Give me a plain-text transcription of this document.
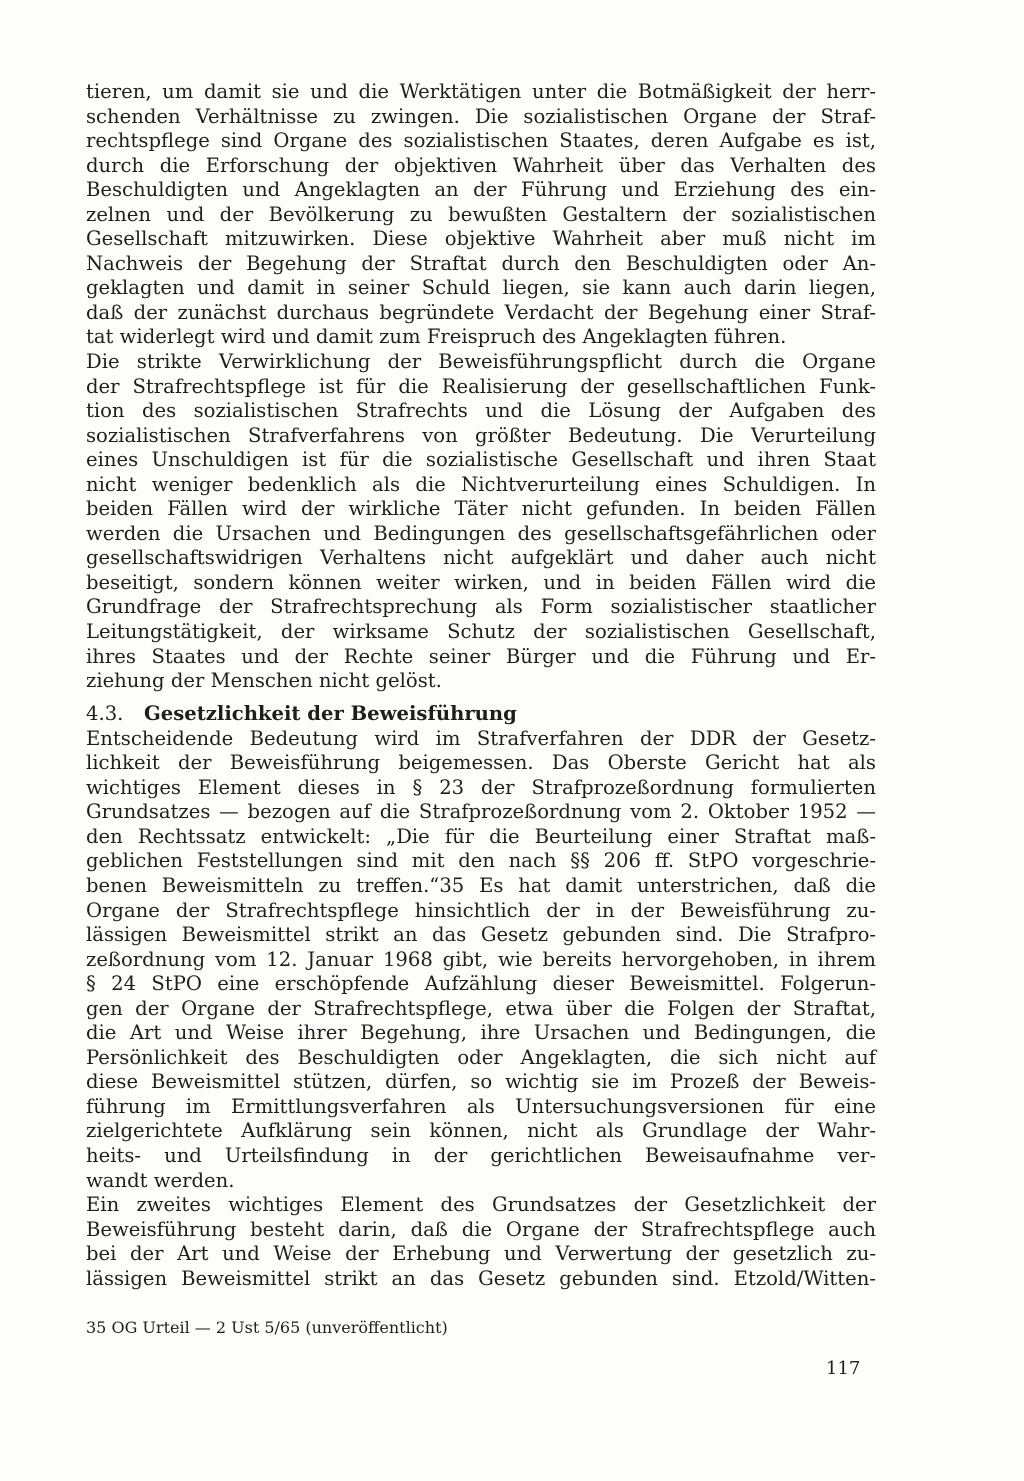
tieren, um damit sie und die Werktätigen unter die Botmäßigkeit der herr-
schenden Verhältnisse zu zwingen. Die sozialistischen Organe der Straf-
rechtspflege sind Organe des sozialistischen Staates, deren Aufgabe es ist,
durch die Erforschung der objektiven Wahrheit über das Verhalten des
Beschuldigten und Angeklagten an der Führung und Erziehung des ein-
zelnen und der Bevölkerung zu bewußten Gestaltern der sozialistischen
Gesellschaft mitzuwirken. Diese objektive Wahrheit aber muß nicht im
Nachweis der Begehung der Straftat durch den Beschuldigten oder An-
geklagten und damit in seiner Schuld liegen, sie kann auch darin liegen,
daß der zunächst durchaus begründete Verdacht der Begehung einer Straf-
tat widerlegt wird und damit zum Freispruch des Angeklagten führen.
Die strikte Verwirklichung der Beweisführungspflicht durch die Organe
der Strafrechtspflege ist für die Realisierung der gesellschaftlichen Funk-
tion des sozialistischen Strafrechts und die Lösung der Aufgaben des
sozialistischen Strafverfahrens von größter Bedeutung. Die Verurteilung
eines Unschuldigen ist für die sozialistische Gesellschaft und ihren Staat
nicht weniger bedenklich als die Nichtverurteilung eines Schuldigen. In
beiden Fällen wird der wirkliche Täter nicht gefunden. In beiden Fällen
werden die Ursachen und Bedingungen des gesellschaftsgefährlichen oder
gesellschaftswidrigen Verhaltens nicht aufgeklärt und daher auch nicht
beseitigt, sondern können weiter wirken, und in beiden Fällen wird die
Grundfrage der Strafrechtsprechung als Form sozialistischer staatlicher
Leitungstätigkeit, der wirksame Schutz der sozialistischen Gesellschaft,
ihres Staates und der Rechte seiner Bürger und die Führung und Er-
ziehung der Menschen nicht gelöst.
4.3. Gesetzlichkeit der Beweisführung
Entscheidende Bedeutung wird im Strafverfahren der DDR der Gesetz-
lichkeit der Beweisführung beigemessen. Das Oberste Gericht hat als
wichtiges Element dieses in § 23 der Strafprozeßordnung formulierten
Grundsatzes — bezogen auf die Strafprozeßordnung vom 2. Oktober 1952 —
den Rechtssatz entwickelt: „Die für die Beurteilung einer Straftat maß-
geblichen Feststellungen sind mit den nach §§ 206 ff. StPO vorgeschrie-
benen Beweismitteln zu treffen.“35 Es hat damit unterstrichen, daß die
Organe der Strafrechtspflege hinsichtlich der in der Beweisführung zu-
lässigen Beweismittel strikt an das Gesetz gebunden sind. Die Strafpro-
zeßordnung vom 12. Januar 1968 gibt, wie bereits hervorgehoben, in ihrem
§ 24 StPO eine erschöpfende Aufzählung dieser Beweismittel. Folgerun-
gen der Organe der Strafrechtspflege, etwa über die Folgen der Straftat,
die Art und Weise ihrer Begehung, ihre Ursachen und Bedingungen, die
Persönlichkeit des Beschuldigten oder Angeklagten, die sich nicht auf
diese Beweismittel stützen, dürfen, so wichtig sie im Prozeß der Beweis-
führung im Ermittlungsverfahren als Untersuchungsversionen für eine
zielgerichtete Aufklärung sein können, nicht als Grundlage der Wahr-
heits- und Urteilsfindung in der gerichtlichen Beweisaufnahme ver-
wandt werden.
Ein zweites wichtiges Element des Grundsatzes der Gesetzlichkeit der
Beweisführung besteht darin, daß die Organe der Strafrechtspflege auch
bei der Art und Weise der Erhebung und Verwertung der gesetzlich zu-
lässigen Beweismittel strikt an das Gesetz gebunden sind. Etzold/Witten-
35 OG Urteil — 2 Ust 5/65 (unveröffentlicht)
117
